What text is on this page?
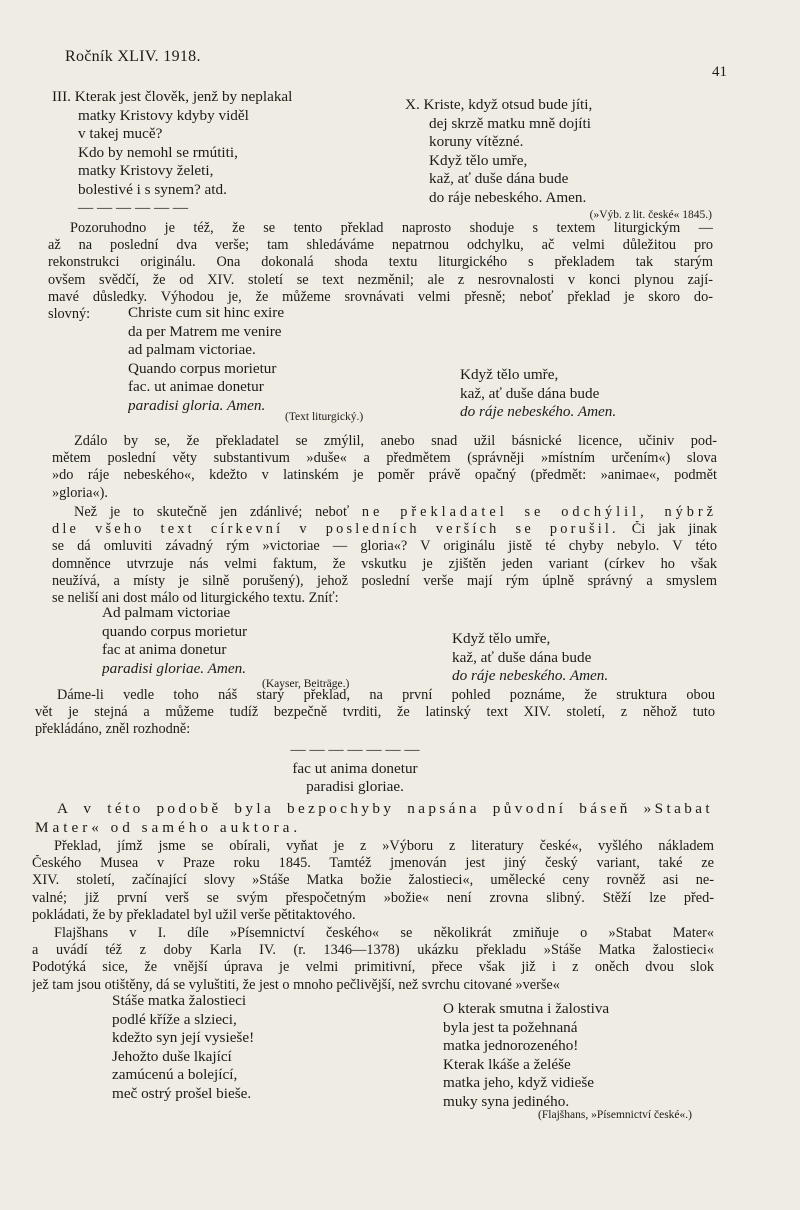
Ročník XLIV. 1918.
41
III. Kterak jest člověk, jenž by neplakal
matky Kristovy kdyby viděl
v takej mucě?
Kdo by nemohl se rmútiti,
matky Kristovy želeti,
bolestivé i s synem? atd.
— — — — — —
X. Kriste, když otsud bude jíti,
dej skrzě matku mně dojíti
koruny vítězné.
Když tělo umře,
kaž, ať duše dána bude
do ráje nebeského. Amen.
(»Výb. z lit. české« 1845.)
Pozoruhodno je též, že se tento překlad naprosto shoduje s textem liturgickým —
až na poslední dva verše; tam shledáváme nepatrnou odchylku, ač velmi důležitou pro
rekonstrukci originálu. Ona dokonalá shoda textu liturgického s překladem tak starým
ovšem svědčí, že od XIV. století se text nezměnil; ale z nesrovnalosti v konci plynou zají-
mavé důsledky. Výhodou je, že můžeme srovnávati velmi přesně; neboť překlad je skoro do-
slovný:	Christe cum sit hinc exire
da per Matrem me venire
ad palmam victoriae.
Quando corpus morietur
fac. ut animae donetur
paradisi gloria. Amen.
(Text liturgický.)
Když tělo umře,
kaž, ať duše dána bude
do ráje nebeského. Amen.
Zdálo by se, že překladatel se zmýlil, anebo snad užil básnické licence, učiniv pod-
mětem poslední věty substantivum »duše« a předmětem (správněji »místním určením«) slova
»do ráje nebeského«, kdežto v latinském je poměr právě opačný (předmět: »animae«, podmět
»gloria«).
Než je to skutečně jen zdánlivé; neboť ne překladatel se odchýlil, nýbrž
dle všeho text církevní v posledních verších se porušil. Či jak jinak
se dá omluviti závadný rým »victoriae — gloria«? V originálu jistě té chyby nebylo. V této
domněnce utvrzuje nás velmi faktum, že vskutku je zjištěn jeden variant (církev ho však
neužívá, a místy je silně porušený), jehož poslední verše mají rým úplně správný a smyslem
se neliší ani dost málo od liturgického textu. Zníť:
Ad palmam victoriae
quando corpus morietur
fac at anima donetur
paradisi gloriae. Amen.
(Kayser, Beiträge.)
Když tělo umře,
kaž, ať duše dána bude
do ráje nebeského. Amen.
Dáme-li vedle toho náš starý překlad, na první pohled poznáme, že struktura obou
vět je stejná a můžeme tudíž bezpečně tvrditi, že latinský text XIV. století, z něhož tuto
překládáno, zněl rozhodně:
— — — — — — —
fac ut anima donetur
paradisi gloriae.
A v této podobě byla bezpochyby napsána původní báseň »Stabat
Mater« od samého auktora.
Překlad, jímž jsme se obírali, vyňat je z »Výboru z literatury české«, vyšlého nákladem
Českého Musea v Praze roku 1845. Tamtéž jmenován jest jiný český variant, také ze
XIV. století, začínající slovy »Stáše Matka božie žalostieci«, umělecké ceny rovněž asi ne-
valné; již první verš se svým přespočetným »božie« není zrovna slibný. Stěží lze před-
pokládati, že by překladatel byl užil verše pětitaktového.
Flajšhans v I. díle »Písemnictví českého« se několikrát zmiňuje o »Stabat Mater«
a uvádí též z doby Karla IV. (r. 1346—1378) ukázku překladu »Stáše Matka žalostieci«
Podotýká sice, že vnější úprava je velmi primitivní, přece však již i z oněch dvou slok
jež tam jsou otištěny, dá se vyluštiti, že jest o mnoho pečlivější, než svrchu citované »verše«
Stáše matka žalostieci
podlé kříže a slzieci,
kdežto syn její vysieše!
Jehožto duše lkající
zamúcenú a bolející,
meč ostrý prošel bieše.
O kterak smutna i žalostiva
byla jest ta požehnaná
matka jednorozeného!
Kterak lkáše a želéše
matka jeho, když vidieše
muky syna jediného.
(Flajšhans, »Písemnictví české«.)
